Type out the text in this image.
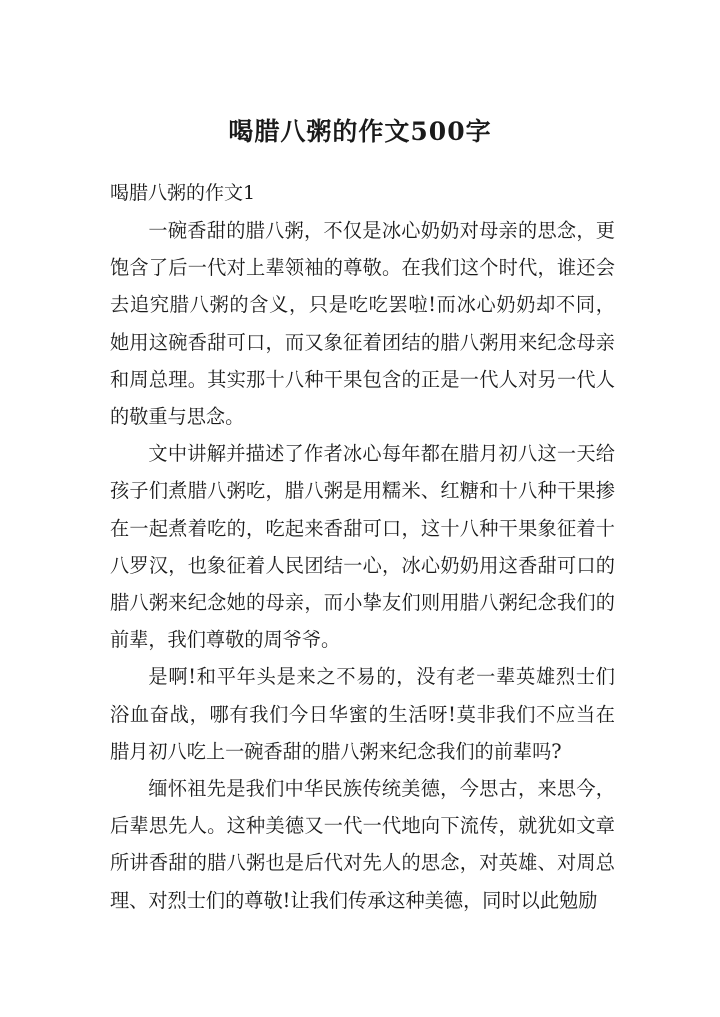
喝腊八粥的作文500字
喝腊八粥的作文1

一碗香甜的腊八粥，不仅是冰心奶奶对母亲的思念，更饱含了后一代对上辈领袖的尊敬。在我们这个时代，谁还会去追究腊八粥的含义，只是吃吃罢啦!而冰心奶奶却不同，她用这碗香甜可口，而又象征着团结的腊八粥用来纪念母亲和周总理。其实那十八种干果包含的正是一代人对另一代人的敬重与思念。

文中讲解并描述了作者冰心每年都在腊月初八这一天给孩子们煮腊八粥吃，腊八粥是用糯米、红糖和十八种干果掺在一起煮着吃的，吃起来香甜可口，这十八种干果象征着十八罗汉，也象征着人民团结一心，冰心奶奶用这香甜可口的腊八粥来纪念她的母亲，而小挚友们则用腊八粥纪念我们的前辈，我们尊敬的周爷爷。

是啊!和平年头是来之不易的，没有老一辈英雄烈士们浴血奋战，哪有我们今日华蜜的生活呀!莫非我们不应当在腊月初八吃上一碗香甜的腊八粥来纪念我们的前辈吗?

缅怀祖先是我们中华民族传统美德，今思古，来思今，后辈思先人。这种美德又一代一代地向下流传，就犹如文章所讲香甜的腊八粥也是后代对先人的思念，对英雄、对周总理、对烈士们的尊敬!让我们传承这种美德，同时以此勉励
